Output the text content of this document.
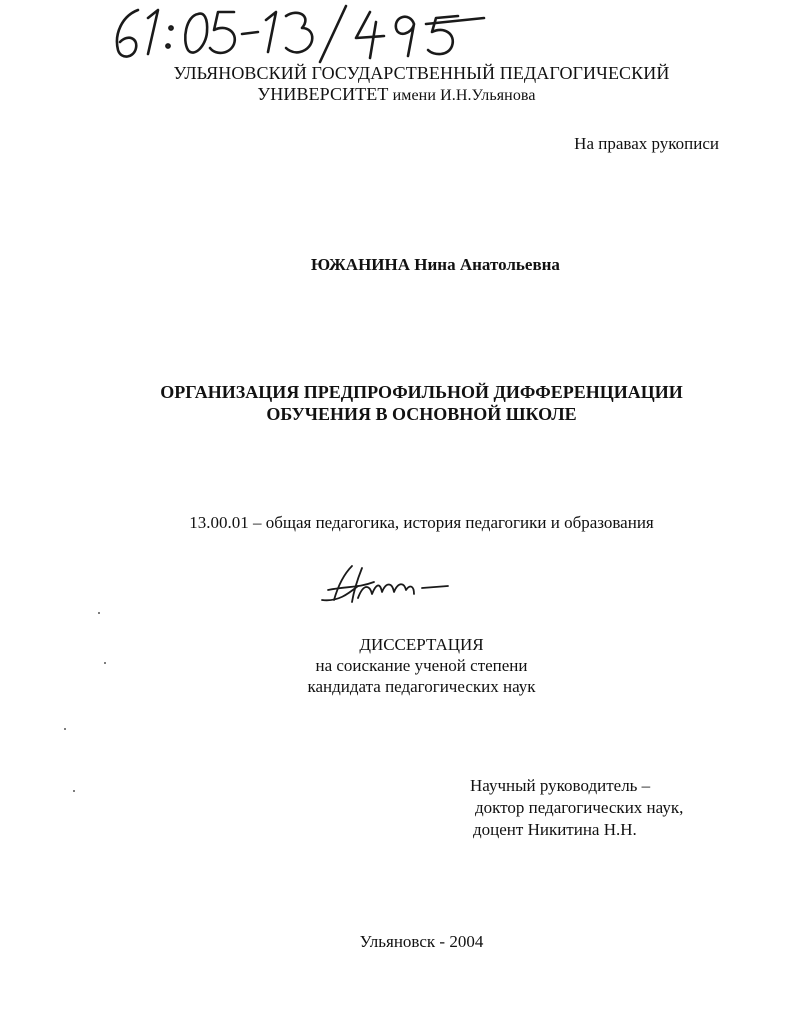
УЛЬЯНОВСКИЙ ГОСУДАРСТВЕННЫЙ ПЕДАГОГИЧЕСКИЙ
УНИВЕРСИТЕТ имени И.Н.Ульянова
На правах рукописи
ЮЖАНИНА Нина Анатольевна
ОРГАНИЗАЦИЯ ПРЕДПРОФИЛЬНОЙ ДИФФЕРЕНЦИАЦИИ
ОБУЧЕНИЯ В ОСНОВНОЙ ШКОЛЕ
13.00.01 – общая педагогика, история педагогики и образования
ДИССЕРТАЦИЯ
на соискание ученой степени
кандидата педагогических наук
Научный руководитель –
доктор педагогических наук,
доцент Никитина Н.Н.
Ульяновск - 2004
